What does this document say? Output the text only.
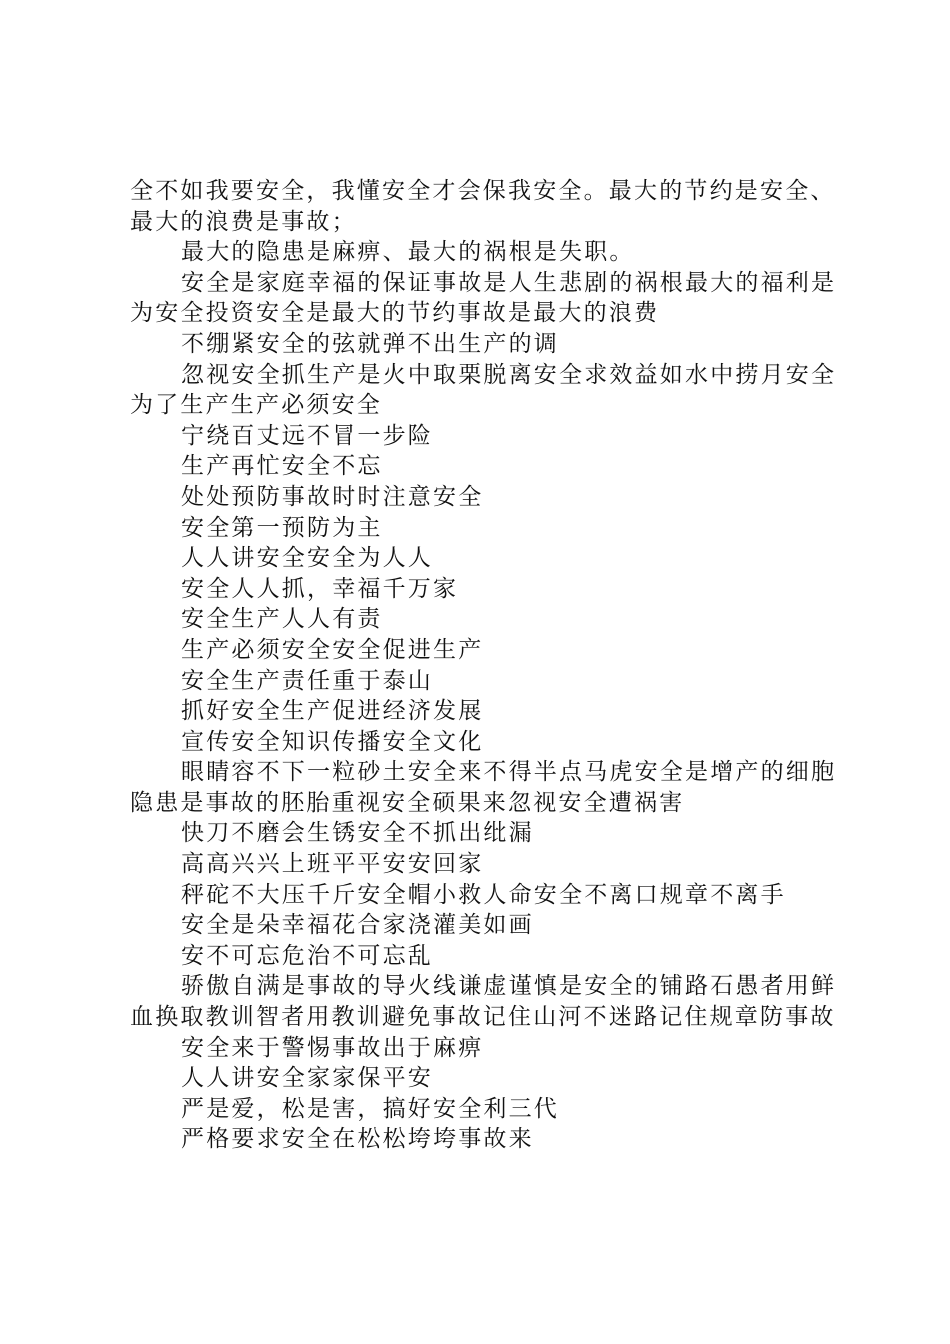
全不如我要安全，我懂安全才会保我安全。最大的节约是安全、最大的浪费是事故；

最大的隐患是麻痹、最大的祸根是失职。

安全是家庭幸福的保证事故是人生悲剧的祸根最大的福利是为安全投资安全是最大的节约事故是最大的浪费

不绷紧安全的弦就弹不出生产的调

忽视安全抓生产是火中取栗脱离安全求效益如水中捞月安全为了生产生产必须安全

宁绕百丈远不冒一步险

生产再忙安全不忘

处处预防事故时时注意安全

安全第一预防为主

人人讲安全安全为人人

安全人人抓，幸福千万家

安全生产人人有责

生产必须安全安全促进生产

安全生产责任重于泰山

抓好安全生产促进经济发展

宣传安全知识传播安全文化

眼睛容不下一粒砂土安全来不得半点马虎安全是增产的细胞隐患是事故的胚胎重视安全硕果来忽视安全遭祸害

快刀不磨会生锈安全不抓出纰漏

高高兴兴上班平平安安回家

秤砣不大压千斤安全帽小救人命安全不离口规章不离手

安全是朵幸福花合家浇灌美如画

安不可忘危治不可忘乱

骄傲自满是事故的导火线谦虚谨慎是安全的铺路石愚者用鲜血换取教训智者用教训避免事故记住山河不迷路记住规章防事故

安全来于警惕事故出于麻痹

人人讲安全家家保平安

严是爱，松是害，搞好安全利三代

严格要求安全在松松垮垮事故来
